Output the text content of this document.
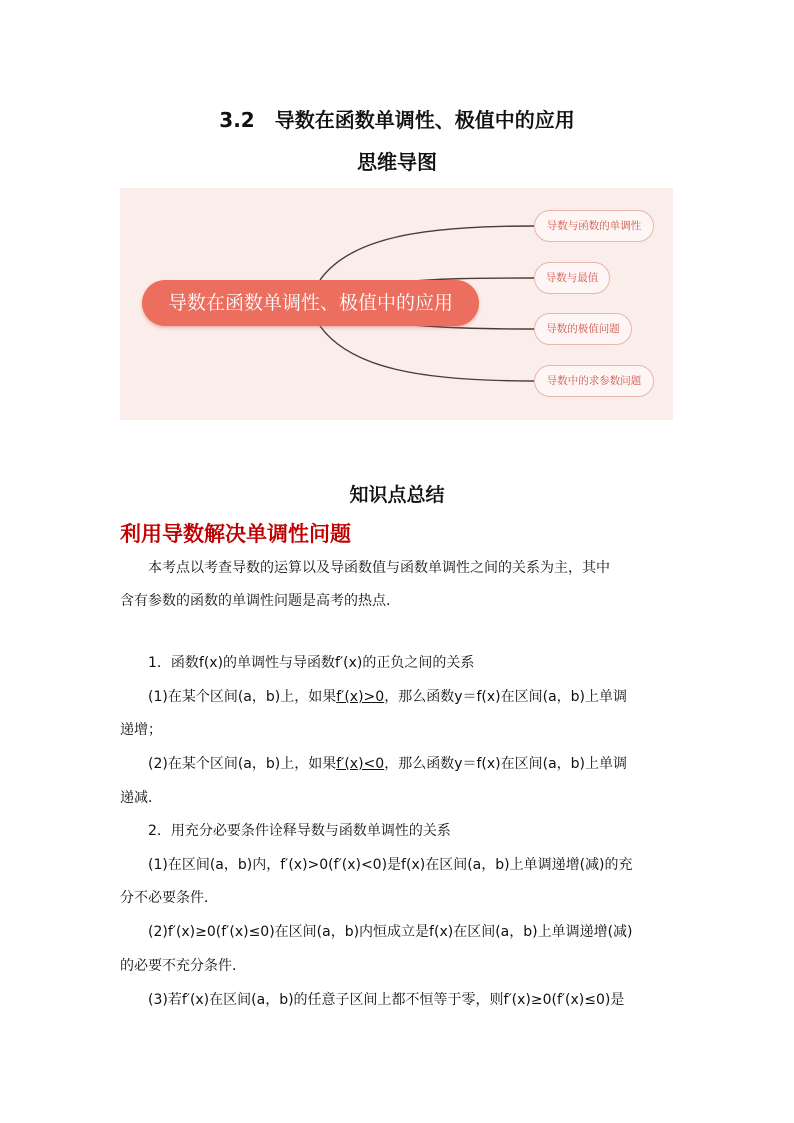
3.2　导数在函数单调性、极值中的应用
思维导图
导数在函数单调性、极值中的应用
导数与函数的单调性
导数与最值
导数的极值问题
导数中的求参数问题
知识点总结
利用导数解决单调性问题
本考点以考查导数的运算以及导函数值与函数单调性之间的关系为主，其中
含有参数的函数的单调性问题是高考的热点．
1．函数f(x)的单调性与导函数f′(x)的正负之间的关系
(1)在某个区间(a，b)上，如果f′(x)>0，那么函数y＝f(x)在区间(a，b)上单调
递增；
(2)在某个区间(a，b)上，如果f′(x)<0，那么函数y＝f(x)在区间(a，b)上单调
递减．
2．用充分必要条件诠释导数与函数单调性的关系
(1)在区间(a，b)内，f′(x)>0(f′(x)<0)是f(x)在区间(a，b)上单调递增(减)的充
分不必要条件．
(2)f′(x)≥0(f′(x)≤0)在区间(a，b)内恒成立是f(x)在区间(a，b)上单调递增(减)
的必要不充分条件．
(3)若f′(x)在区间(a，b)的任意子区间上都不恒等于零，则f′(x)≥0(f′(x)≤0)是
